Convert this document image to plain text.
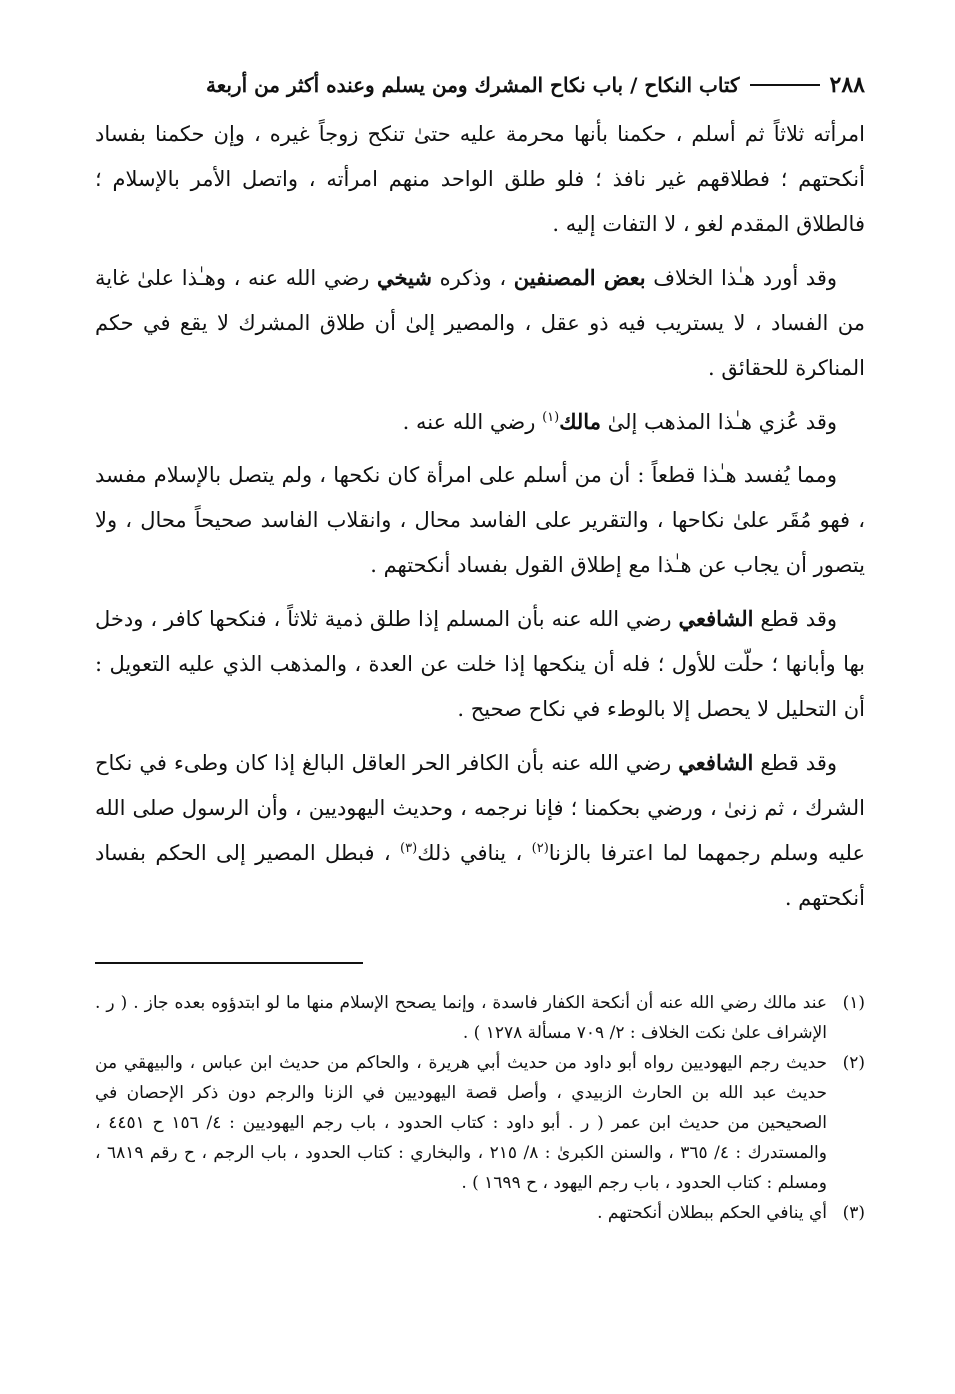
٢٨٨
كتاب النكاح / باب نكاح المشرك ومن يسلم وعنده أكثر من أربعة

امرأته ثلاثاً ثم أسلم ، حكمنا بأنها محرمة عليه حتىٰ تنكح زوجاً غيره ، وإن حكمنا بفساد أنكحتهم ؛ فطلاقهم غير نافذ ؛ فلو طلق الواحد منهم امرأته ، واتصل الأمر بالإسلام ؛ فالطلاق المقدم لغو ، لا التفات إليه .

وقد أورد هـٰذا الخلاف بعض المصنفين ، وذكره شيخي رضي الله عنه ، وهـٰذا علىٰ غاية من الفساد ، لا يستريب فيه ذو عقل ، والمصير إلىٰ أن طلاق المشرك لا يقع في حكم المناكرة للحقائق .

وقد عُزي هـٰذا المذهب إلىٰ مالك$^{(١)}$ رضي الله عنه .

ومما يُفسد هـٰذا قطعاً : أن من أسلم على امرأة كان نكحها ، ولم يتصل بالإسلام مفسد ، فهو مُقَر علىٰ نكاحها ، والتقرير على الفاسد محال ، وانقلاب الفاسد صحيحاً محال ، ولا يتصور أن يجاب عن هـٰذا مع إطلاق القول بفساد أنكحتهم .

وقد قطع الشافعي رضي الله عنه بأن المسلم إذا طلق ذمية ثلاثاً ، فنكحها كافر ، ودخل بها وأبانها ؛ حلّت للأول ؛ فله أن ينكحها إذا خلت عن العدة ، والمذهب الذي عليه التعويل : أن التحليل لا يحصل إلا بالوطء في نكاح صحيح .

وقد قطع الشافعي رضي الله عنه بأن الكافر الحر العاقل البالغ إذا كان وطىء في نكاح الشرك ، ثم زنىٰ ، ورضي بحكمنا ؛ فإنا نرجمه ، وحديث اليهوديين ، وأن الرسول صلى الله عليه وسلم رجمهما لما اعترفا بالزنا$^{(٢)}$ ، ينافي ذلك$^{(٣)}$ ، فبطل المصير إلى الحكم بفساد أنكحتهم .

(١)
عند مالك رضي الله عنه أن أنكحة الكفار فاسدة ، وإنما يصحح الإسلام منها ما لو ابتدؤوه بعده جاز . ( ر . الإشراف علىٰ نكت الخلاف : ٢/ ٧٠٩ مسألة ١٢٧٨ ) .
(٢)
حديث رجم اليهوديين رواه أبو داود من حديث أبي هريرة ، والحاكم من حديث ابن عباس ، والبيهقي من حديث عبد الله بن الحارث الزبيدي ، وأصل قصة اليهوديين في الزنا والرجم دون ذكر الإحصان في الصحيحين من حديث ابن عمر ( ر . أبو داود : كتاب الحدود ، باب رجم اليهوديين : ٤/ ١٥٦ ح ٤٤٥١ ، والمستدرك : ٤/ ٣٦٥ ، والسنن الكبرىٰ : ٨/ ٢١٥ ، والبخاري : كتاب الحدود ، باب الرجم ، ح رقم ٦٨١٩ ، ومسلم : كتاب الحدود ، باب رجم اليهود ، ح ١٦٩٩ ) .
(٣)
أي ينافي الحكم ببطلان أنكحتهم .
